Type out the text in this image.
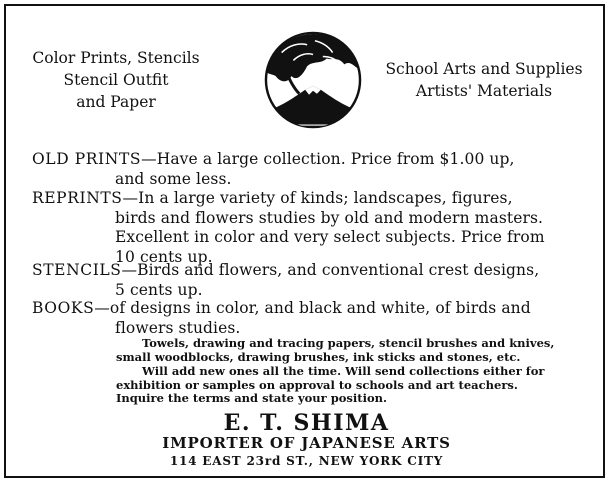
Color Prints, Stencils
Stencil Outfit
and Paper
School Arts and Supplies
Artists' Materials
OLD PRINTS—Have a large collection. Price from $1.00 up,
and some less.
REPRINTS—In a large variety of kinds; landscapes, figures,
birds and flowers studies by old and modern masters.
Excellent in color and very select subjects. Price from
10 cents up.
STENCILS—Birds and flowers, and conventional crest designs,
5 cents up.
BOOKS—of designs in color, and black and white, of birds and
flowers studies.
Towels, drawing and tracing papers, stencil brushes and knives,
small woodblocks, drawing brushes, ink sticks and stones, etc.
Will add new ones all the time. Will send collections either for
exhibition or samples on approval to schools and art teachers.
Inquire the terms and state your position.
E. T. SHIMA
IMPORTER OF JAPANESE ARTS
114 EAST 23rd ST., NEW YORK CITY
